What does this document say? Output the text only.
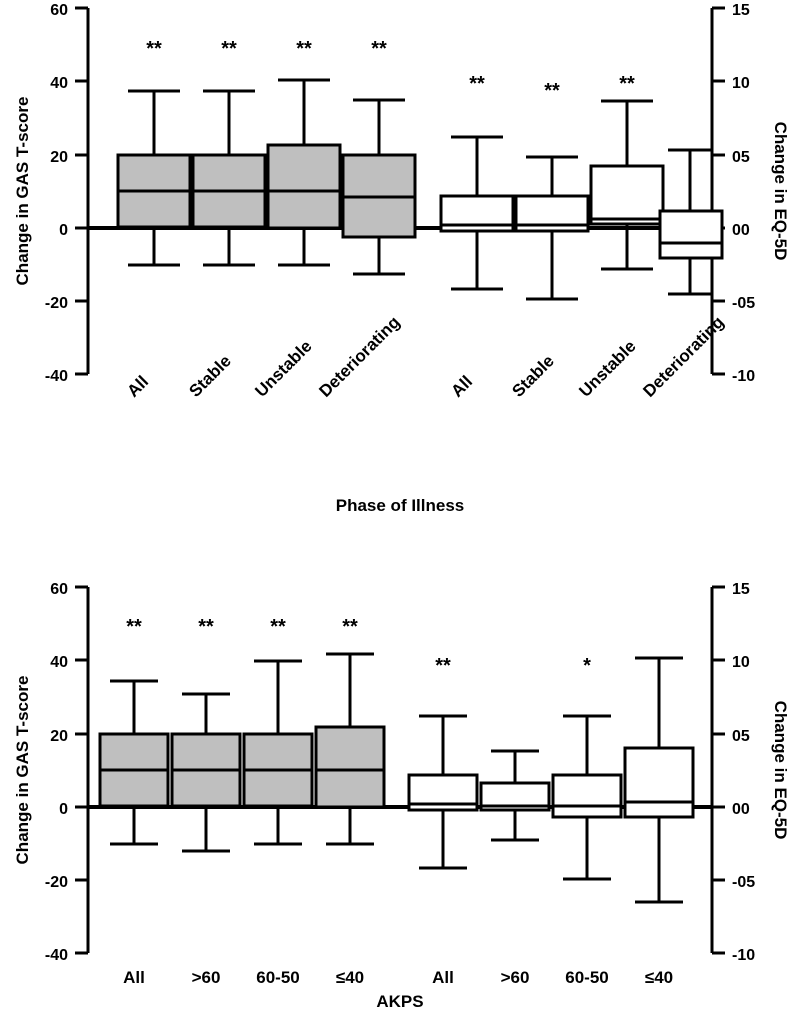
60
40
20
0
-20
-40
15
10
05
00
-05
-10
Change in GAS T-score	Change in EQ-5D
Phase of Illness
**	**	**	**
**	**	**
All Stable Unstable Deteriorating	All Stable Unstable Deteriorating
60
40
20
0
-20
-40
15
10
05
00
-05
-10
Change in GAS T-score	Change in EQ-5D
AKPS
**	**	**	**
**	*
All	>60 60-50 ≤40	All	>60 60-50 ≤40
